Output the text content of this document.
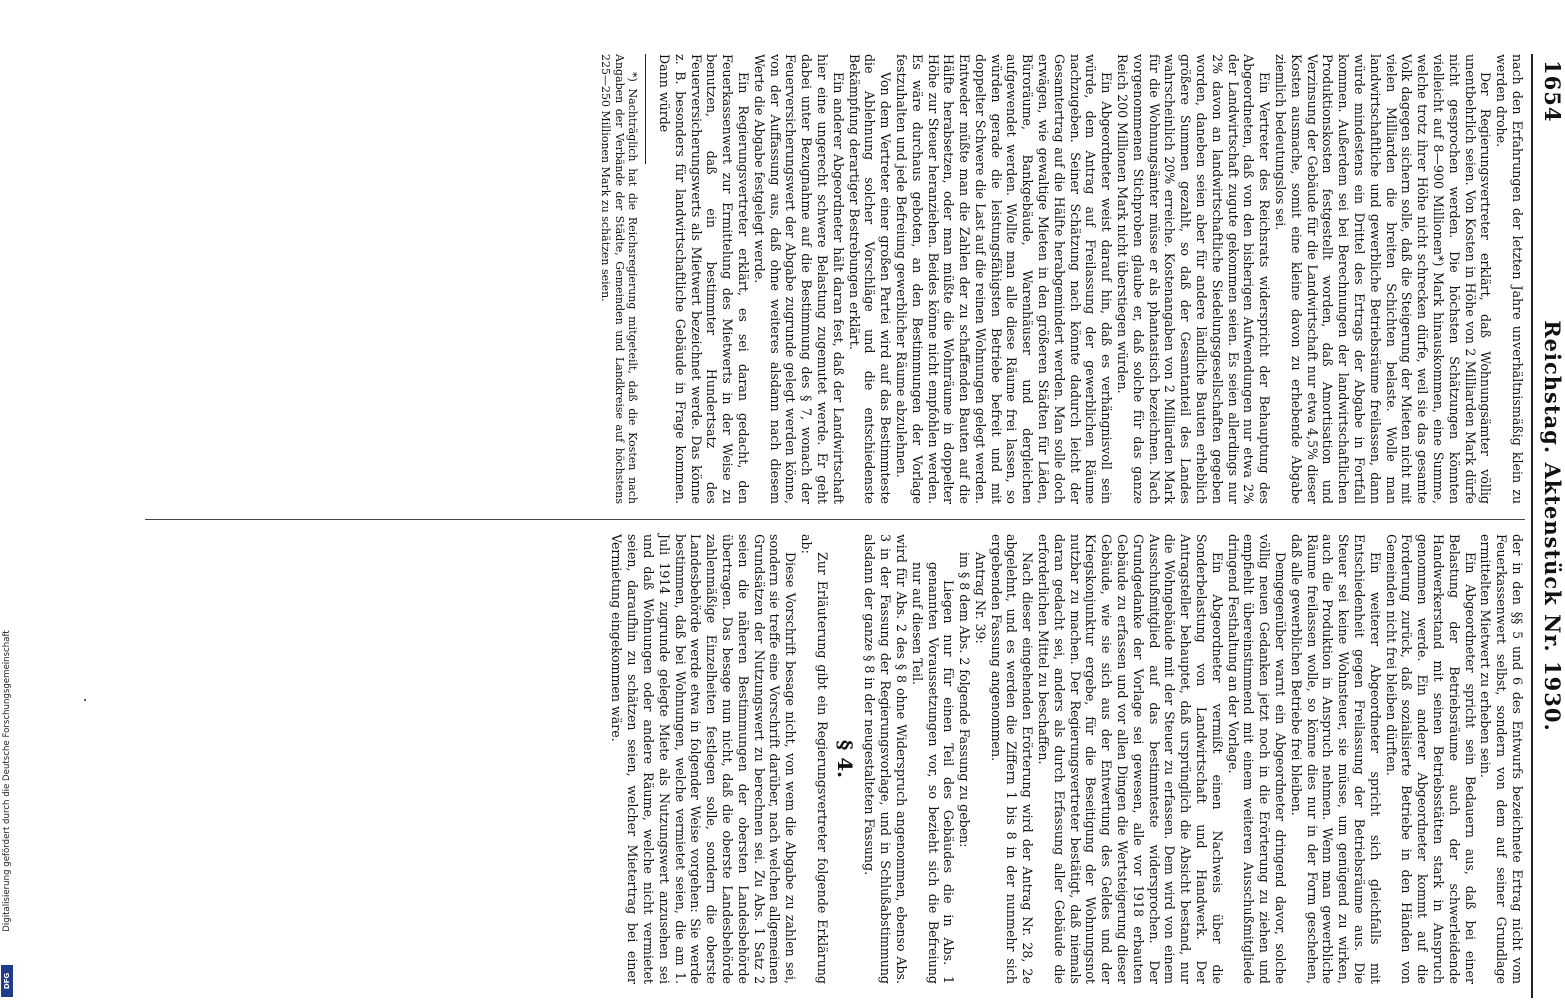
1654
Reichstag. Aktenstück Nr. 1930.

nach den Erfahrungen der letzten Jahre unverhältnismäßig klein zu werden drohe.

Der Regierungsvertreter erklärt, daß Wohnungsämter völlig unentbehrlich seien. Von Kosten in Höhe von 2 Milliarden Mark dürfe nicht gesprochen werden. Die höchsten Schätzungen könnten vielleicht auf 8—900 Millionen*) Mark hinauskommen, eine Summe, welche trotz ihrer Höhe nicht schrecken dürfe, weil sie das gesamte Volk dagegen sichern solle, daß die Steigerung der Mieten nicht mit vielen Milliarden die breiten Schichten belaste. Wolle man landwirtschaftliche und gewerbliche Betriebsräume freilassen, dann würde mindestens ein Drittel des Ertrags der Abgabe in Fortfall kommen. Außerdem sei bei Berechnungen der landwirtschaftlichen Produktionskosten festgestellt worden, daß Amortisation und Verzinsung der Gebäude für die Landwirtschaft nur etwa 4,5% dieser Kosten ausmache, somit eine kleine davon zu erhebende Abgabe ziemlich bedeutungslos sei.

Ein Vertreter des Reichsrats widerspricht der Behauptung des Abgeordneten, daß von den bisherigen Aufwendungen nur etwa 2% der Landwirtschaft zugute gekommen seien. Es seien allerdings nur 2% davon an landwirtschaftliche Siedelungsgesellschaften gegeben worden, daneben seien aber für andere ländliche Bauten erheblich größere Summen gezahlt, so daß der Gesamtanteil des Landes wahrscheinlich 20% erreiche. Kostenangaben von 2 Milliarden Mark für die Wohnungsämter müsse er als phantastisch bezeichnen. Nach vorgenommenen Stichproben glaube er, daß solche für das ganze Reich 200 Millionen Mark nicht überstiegen würden.

Ein Abgeordneter weist darauf hin, daß es verhängnisvoll sein würde, dem Antrag auf Freilassung der gewerblichen Räume nachzugeben. Seiner Schätzung nach könnte dadurch leicht der Gesamtertrag auf die Hälfte herabgemindert werden. Man solle doch erwägen, wie gewaltige Mieten in den größeren Städten für Läden, Büroräume, Bankgebäude, Warenhäuser und dergleichen aufgewendet werden. Wollte man alle diese Räume frei lassen, so würden gerade die leistungsfähigsten Betriebe befreit und mit doppelter Schwere die Last auf die reinen Wohnungen gelegt werden. Entweder müßte man die Zahlen der zu schaffenden Bauten auf die Hälfte herabsetzen, oder man müßte die Wohnräume in doppelter Höhe zur Steuer heranziehen. Beides könne nicht empfohlen werden. Es wäre durchaus geboten, an den Bestimmungen der Vorlage festzuhalten und jede Befreiung gewerblicher Räume abzulehnen.

Von dem Vertreter einer großen Partei wird auf das Bestimmteste die Ablehnung solcher Vorschläge und die entschiedenste Bekämpfung derartiger Bestrebungen erklärt.

Ein anderer Abgeordneter hält daran fest, daß der Landwirtschaft hier eine ungerecht schwere Belastung zugemutet werde. Er geht dabei unter Bezugnahme auf die Bestimmung des § 7, wonach der Feuerversicherungswert der Abgabe zugrunde gelegt werden könne, von der Auffassung aus, daß ohne weiteres alsdann nach diesem Werte die Abgabe festgelegt werde.

Ein Regierungsvertreter erklärt, es sei daran gedacht, den Feuerkassenwert zur Ermittelung des Mietwerts in der Weise zu benutzen, daß ein bestimmter Hundertsatz des Feuerversicherungswerts als Mietwert bezeichnet werde. Das könne z. B. besonders für landwirtschaftliche Gebäude in Frage kommen. Dann würde

*) Nachträglich hat die Reichsregierung mitgeteilt, daß die Kosten nach Angaben der Verbände der Städte, Gemeinden und Landkreise auf höchstens 225—250 Millionen Mark zu schätzen seien.

der in den §§ 5 und 6 des Entwurfs bezeichnete Ertrag nicht vom Feuerkassenwert selbst, sondern von dem auf seiner Grundlage ermittelten Mietwert zu erheben sein.

Ein Abgeordneter spricht sein Bedauern aus, daß bei einer Belastung der Betriebsräume auch der schwerleidende Handwerkerstand mit seinen Betriebsstätten stark in Anspruch genommen werde. Ein anderer Abgeordneter kommt auf die Forderung zurück, daß sozialisierte Betriebe in den Händen von Gemeinden nicht frei bleiben dürften.

Ein weiterer Abgeordneter spricht sich gleichfalls mit Entschiedenheit gegen Freilassung der Betriebsräume aus. Die Steuer sei keine Wohnsteuer, sie müsse, um genügend zu wirken, auch die Produktion in Anspruch nehmen. Wenn man gewerbliche Räume freilassen wolle, so könne dies nur in der Form geschehen, daß alle gewerblichen Betriebe frei bleiben.

Demgegenüber warnt ein Abgeordneter dringend davor, solche völlig neuen Gedanken jetzt noch in die Erörterung zu ziehen und empfiehlt übereinstimmend mit einem weiteren Ausschußmitgliede dringend Festhaltung an der Vorlage.

Ein Abgeordneter vermißt einen Nachweis über die Sonderbelastung von Landwirtschaft und Handwerk. Der Antragsteller behauptet, daß ursprünglich die Absicht bestand, nur die Wohngebäude mit der Steuer zu erfassen. Dem wird von einem Ausschußmitglied auf das bestimmteste widersprochen. Der Grundgedanke der Vorlage sei gewesen, alle vor 1918 erbauten Gebäude zu erfassen und vor allen Dingen die Wertsteigerung dieser Gebäude, wie sie sich aus der Entwertung des Geldes und der Kriegskonjunktur ergebe, für die Beseitigung der Wohnungsnot nutzbar zu machen. Der Regierungsvertreter bestätigt, daß niemals daran gedacht sei, anders als durch Erfassung aller Gebäude die erforderlichen Mittel zu beschaffen.

Nach dieser eingehenden Erörterung wird der Antrag Nr. 28, 2e abgelehnt, und es werden die Ziffern 1 bis 8 in der nunmehr sich ergebenden Fassung angenommen.

Antrag Nr. 39:

im § 8 dem Abs. 2 folgende Fassung zu geben:

Liegen nur für einen Teil des Gebäudes die in Abs. 1 genannten Voraussetzungen vor, so bezieht sich die Befreiung nur auf diesen Teil.

wird für Abs. 2 des § 8 ohne Widerspruch angenommen, ebenso Abs. 3 in der Fassung der Regierungsvorlage, und in Schlußabstimmung alsdann der ganze § 8 in der neugestalteten Fassung.

§ 4.

Zur Erläuterung gibt ein Regierungsvertreter folgende Erklärung ab:

Diese Vorschrift besage nicht, von wem die Abgabe zu zahlen sei, sondern sie treffe eine Vorschrift darüber, nach welchen allgemeinen Grundsätzen der Nutzungswert zu berechnen sei. Zu Abs. 1 Satz 2 seien die näheren Bestimmungen der obersten Landesbehörde übertragen. Das besage nun nicht, daß die oberste Landesbehörde zahlenmäßige Einzelheiten festlegen solle, sondern die oberste Landesbehörde werde etwa in folgender Weise vorgehen: Sie werde bestimmen, daß bei Wohnungen, welche vermietet seien, die am 1. Juli 1914 zugrunde gelegte Miete als Nutzungswert anzusehen sei und daß Wohnungen oder andere Räume, welche nicht vermietet seien, daraufhin zu schätzen seien, welcher Mietertrag bei einer Vermietung eingekommen wäre.

Digitalisierung gefördert durch die Deutsche Forschungsgemeinschaft
DFG
